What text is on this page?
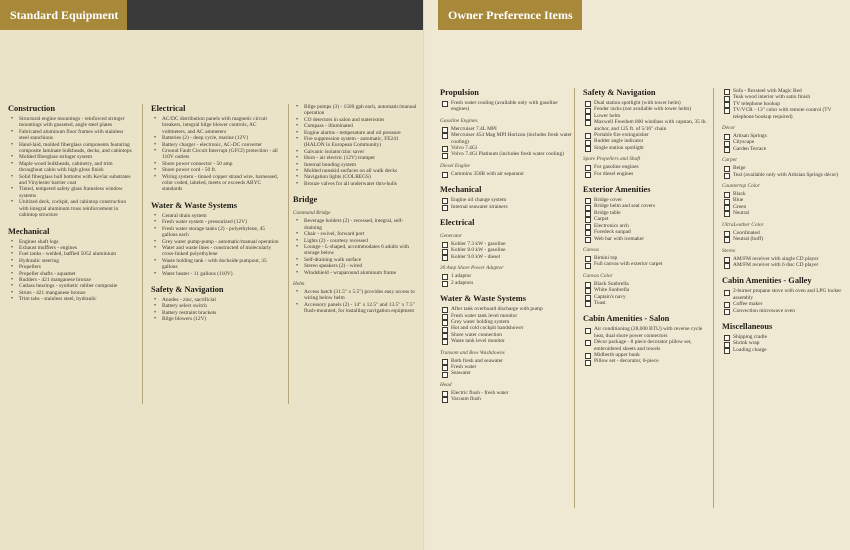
Standard Equipment
Construction
• Structural engine mountings - reinforced stringer mountings with gusseted, angle steel plates
• Fabricated aluminum floor frames with stainless steel stanchions
• Hand-laid, molded fiberglass components featuring composite laminate bulkheads, decks, and cabintops
• Molded fiberglass stringer system
• Maple wood bulkheads, cabinetry, and trim throughout cabin with high gloss finish
• Solid fiberglass hull bottoms with Kevlar substrates and Vinylester barrier coat
• Tinted, tempered safety glass frameless window systems
• Unitized deck, cockpit, and cabintop construction with integral aluminum truss reinforcement in cabintop structure
Mechanical
• Engines shaft logs
• Exhaust mufflers - engines
• Fuel tanks - welded, baffled 5052 aluminium
• Hydraulic steering
• Propellers
• Propeller shafts - aquamet
• Rudders - 421 manganese bronze
• Cutlass bearings - synthetic rubber composite
• Struts - 421 manganese bronze
• Trim tabs - stainless steel, hydraulic
Electrical
• AC/DC distribution panels with magnetic circuit breakers, integral bilge blower controls, AC voltmeters, and AC ammeters
• Batteries (2) - deep cycle, marine (12V)
• Battery charger - electronic, AC-DC converter
• Ground Fault Circuit Interrupt (GFCI) protection - all 110V outlets
• Shore power connector - 50 amp
• Shore power cord - 50 ft.
• Wiring system - tinned copper strand wire, harnessed, color coded, labeled, meets or exceeds ABYC standards
Water & Waste Systems
• Central drain system
• Fresh water system - pressurized (12V)
• Fresh water storage tanks (2) - polyethylene, 45 gallons each
• Grey water pump-pump - automatic/manual operation
• Water and waste lines - constructed of molecularly cross-linked polyethylene
• Waste holding tank - with dockside pumpout, 35 gallons
• Water heater - 11 gallons (110V)
Safety & Navigation
• Anodes - zinc, sacrificial
• Battery select switch
• Battery restraint brackets
• Bilge blowers (12V)
• Bilge pumps (3) - 1500 gph each, automatic/manual operation
• CO detectors in salon and staterooms
• Compass - illuminated
• Engine alarms - temperature and oil pressure
• Fire suppression system - automatic, FE241 (HALON in European Community)
• Galvanic isolator/zinc saver
• Horn - air electric (12V) trumpet
• Internal bonding system
• Molded nonskid surfaces on all walk decks
• Navigation lights (COLREGS)
• Bronze valves for all underwater thru-hulls
Bridge
Command Bridge
• Beverage holders (2) - recessed, integral, self-draining
• Chair - swivel, forward port
• Lights (2) - courtesy recessed
• Lounge - L-shaped, accommodates 6 adults with storage below
• Self-draining walk surface
• Stereo speakers (2) - wired
• Windshield - wraparound aluminum frame
Helm
• Access hatch (31.5" x 5.5") provides easy access to wiring below helm
• Accessory panels (2) - 14" x 12.5" and 13.5" x 7.5" flush-mounted, for installing navigation equipment
Owner Preference Items
Propulsion
Fresh water cooling (available only with gasoline engines)
Gasoline Engines
Mercruiser 7.4L MPI
Mercruiser 454 Mag MPI Horizon (includes fresh water cooling)
Volvo 7.4Gi
Volvo 7.4Gi Platinum (includes fresh water cooling)
Diesel Engine
Cummins 350B with air separator
Mechanical
Engine oil change system
Internal seawater strainers
Electrical
Generator
Kohler 7.3 kW - gasoline
Kohler 8.0 kW - gasoline
Kohler 9.0 kW - diesel
30 Amp Shore Power Adaptor
1 adaptor
2 adaptors
Water & Waste Systems
After tank overboard discharge with pump
Fresh water tank level monitor
Grey water holding system
Hot and cold cockpit handshower
Shore water connection
Waste tank level monitor
Transom and Bow Washdowns
Both fresh and seawater
Fresh water
Seawater
Head
Electric flush - fresh water
Vacuum flush
Safety & Navigation
Dual station spotlight (with tower helm)
Fender racks (not available with tower helm)
Lower helm
Maxwell Freedom 800 windlass with capstan, 35 lb. anchor, and 125 ft. of 5/16" chain
Portable fire extinguisher
Rudder angle indicator
Single station spotlight
Spare Propellers and Shaft
For gasoline engines
For diesel engines
Exterior Amenities
Bridge cover
Bridge helm and seat covers
Bridge table
Carpet
Electronics arch
Foredeck sunpad
Web bar with icemaker
Canvas
Bimini top
Full canvas with exterior carpet
Canvas Color
Black Sunbrella
White Sunbrella
Captain's navy
Toast
Cabin Amenities - Salon
Air conditioning (28,000 BTU) with reverse cycle heat, dual shore power connectors
Décor package - 8 piece decorator pillow set, embroidered sheets and towels
Midberth upper bunk
Pillow set - decorator, 6-piece
Sofa - flexsteel with Magic Bed
Teak wood interior with satin finish
TV telephone hookup
TV/VCR - 13" color with remote control (TV telephone hookup required)
Décor
Artisan Springs
Cityscape
Garden Terrace
Carpet
Beige
Teal (available only with Artisian Springs décor)
Countertop Color
Black
Blue
Green
Neutral
UltraLeather Color
Coordinated
Neutral (buff)
Stereo
AM/FM receiver with single CD player
AM/FM receiver with 6 disc CD player
Cabin Amenities - Galley
2-burner propane stove with oven and LPG locker assembly
Coffee maker
Convection microwave oven
Miscellaneous
Shipping cradle
Shrink wrap
Loading charge
